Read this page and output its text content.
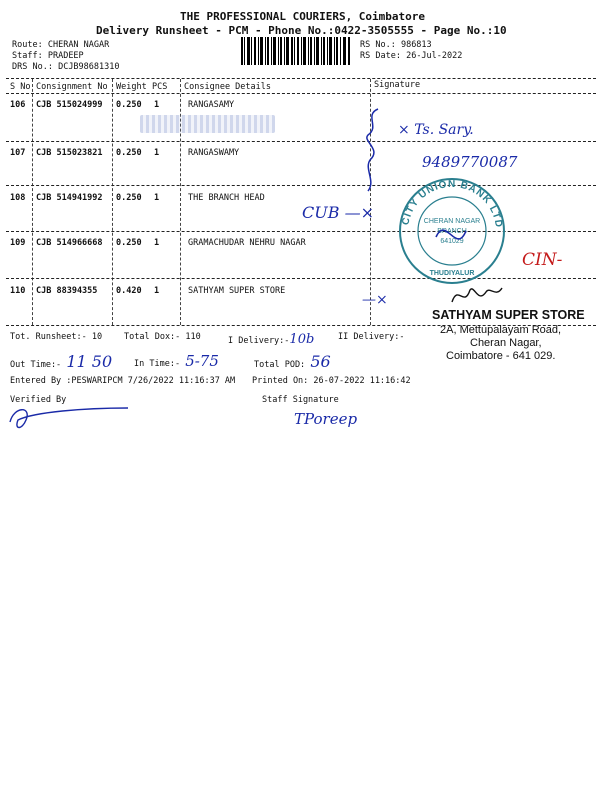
THE PROFESSIONAL COURIERS, Coimbatore
Delivery Runsheet - PCM - Phone No.:0422-3505555 - Page No.:10
Route: CHERAN NAGAR
Staff: PRADEEP
DRS No.: DCJB98681310
RS No.: 986813
RS Date: 26-Jul-2022
S No Consignment No Weight PCS Consignee Details	Signature
106 CJB 515024999 0.250 1	RANGASAMY
107 CJB 515023821 0.250 1	RANGASWAMY
108 CJB 514941992 0.250 1	THE BRANCH HEAD
109 CJB 514966668 0.250 1	GRAMACHUDAR NEHRU NAGAR
110 CJB 88394355 0.420 1	SATHYAM SUPER STORE
× Ts. Sary.
9489770087
CUB —×
CIN-
—×
CITY UNION BANK LTD
CHERAN NAGAR
BRANCH
641029
THUDIYALUR
SATHYAM SUPER STORE
2A, Mettupalayam Road,
Cheran Nagar,
Coimbatore - 641 029.
Tot. Runsheet:- 10	Total Dox:- 110	I Delivery:-10b	II Delivery:-
Out Time:- 11 50	In Time:- 5-75	Total POD: 56
Entered By :PESWARIPCM 7/26/2022 11:16:37 AM Printed On: 26-07-2022 11:16:42
Verified By	Staff Signature
TPoreep
